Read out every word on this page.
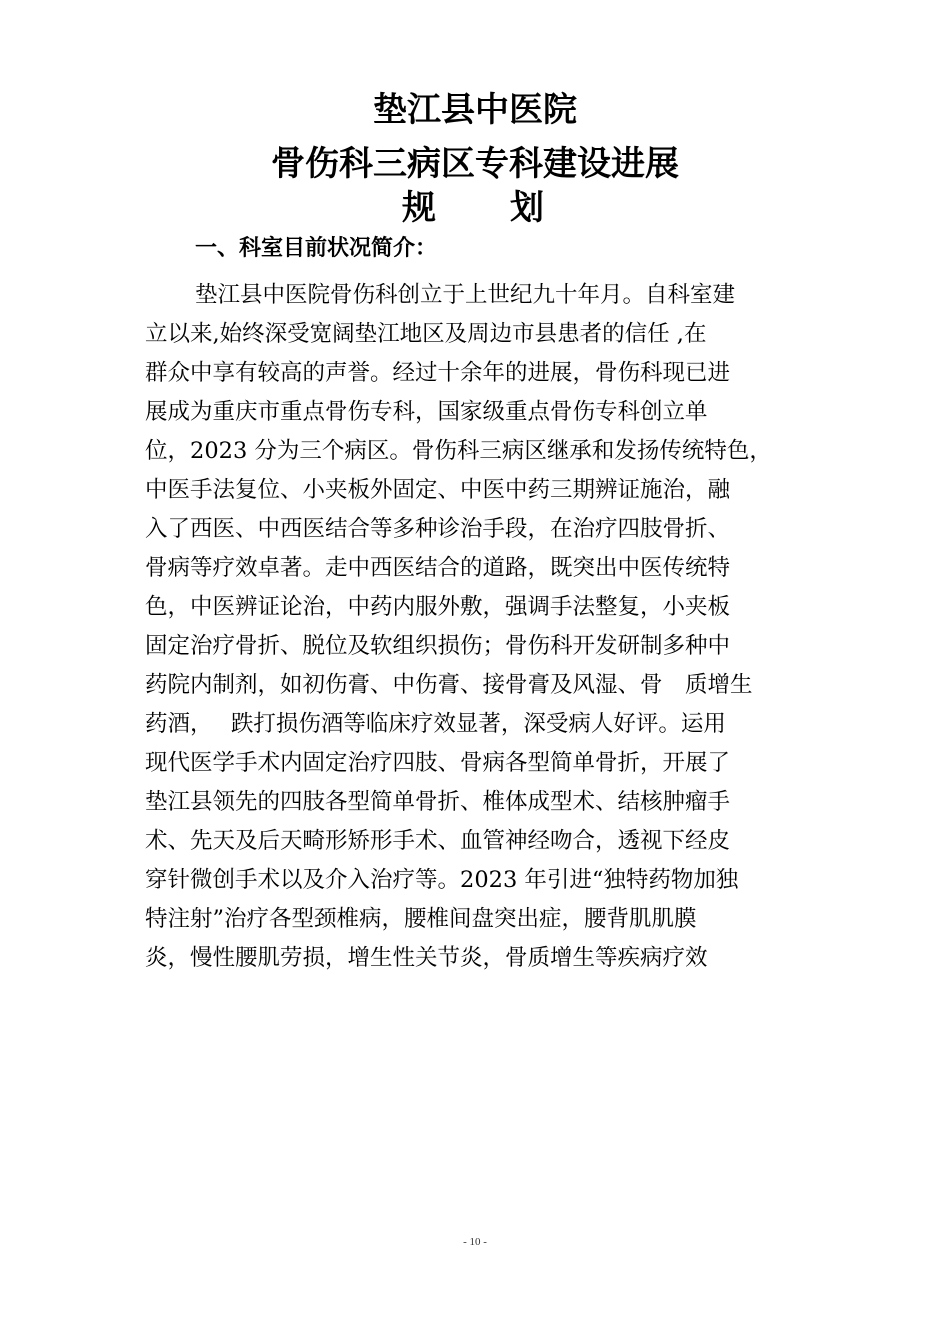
垫江县中医院
骨伤科三病区专科建设进展
规 划
一、科室目前状况简介：
垫江县中医院骨伤科创立于上世纪九十年月。自科室建
立以来,始终深受宽阔垫江地区及周边市县患者的信任 ,在
群众中享有较高的声誉。经过十余年的进展，骨伤科现已进
展成为重庆市重点骨伤专科，国家级重点骨伤专科创立单
位，2023 分为三个病区。骨伤科三病区继承和发扬传统特色，
中医手法复位、小夹板外固定、中医中药三期辨证施治，融
入了西医、中西医结合等多种诊治手段，在治疗四肢骨折、
骨病等疗效卓著。走中西医结合的道路，既突出中医传统特
色，中医辨证论治，中药内服外敷，强调手法整复，小夹板
固定治疗骨折、脱位及软组织损伤；骨伤科开发研制多种中
药院内制剂，如初伤膏、中伤膏、接骨膏及风湿、骨　质增生
药酒，　 跌打损伤酒等临床疗效显著，深受病人好评。运用
现代医学手术内固定治疗四肢、骨病各型简单骨折，开展了
垫江县领先的四肢各型简单骨折、椎体成型术、结核肿瘤手
术、先天及后天畸形矫形手术、血管神经吻合，透视下经皮
穿针微创手术以及介入治疗等。2023 年引进“独特药物加独
特注射”治疗各型颈椎病，腰椎间盘突出症，腰背肌肌膜
炎，慢性腰肌劳损，增生性关节炎，骨质增生等疾病疗效
- 10 -
